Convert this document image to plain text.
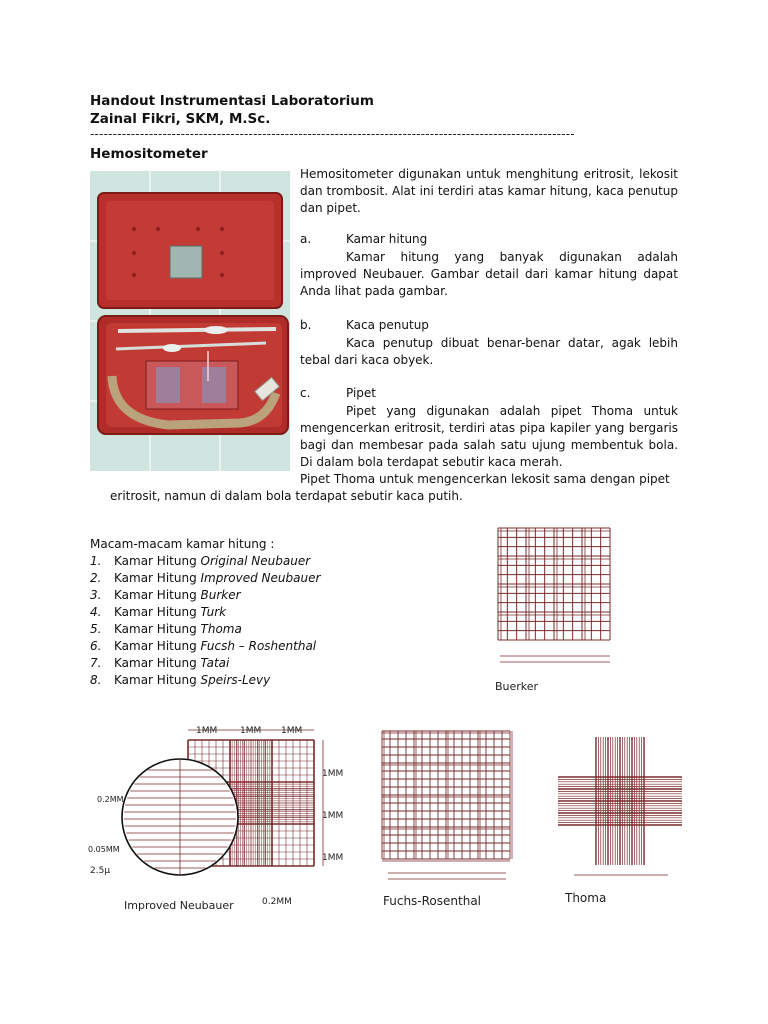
Handout Instrumentasi Laboratorium
Zainal Fikri, SKM, M.Sc.
-----------------------------------------------------------------------------------------------------------
Hemositometer
Hemositometer digunakan untuk menghitung eritrosit, lekosit dan trombosit. Alat ini terdiri atas kamar hitung, kaca penutup dan pipet.
a.	Kamar hitung
Kamar hitung yang banyak digunakan adalah improved Neubauer. Gambar detail dari kamar hitung dapat Anda lihat pada gambar.
b.	Kaca penutup
Kaca penutup dibuat benar-benar datar, agak lebih tebal dari kaca obyek.
c.	Pipet
Pipet yang digunakan adalah pipet Thoma untuk mengencerkan eritrosit, terdiri atas pipa kapiler yang bergaris bagi dan membesar pada salah satu ujung membentuk bola. Di dalam bola terdapat sebutir kaca merah.
Pipet Thoma untuk mengencerkan lekosit sama dengan pipet eritrosit, namun di dalam bola terdapat sebutir kaca putih.
Macam-macam kamar hitung :
1. Kamar Hitung Original Neubauer
2. Kamar Hitung Improved Neubauer
3. Kamar Hitung Burker
4. Kamar Hitung Turk
5. Kamar Hitung Thoma
6. Kamar Hitung Fucsh – Roshenthal
7. Kamar Hitung Tatai
8. Kamar Hitung Speirs-Levy	Buerker
1MM	1MM 1MM
1MM
1MM
1MM
0.2MM
0.05MM
2.5μ
0.2MM
Improved Neubauer	Fuchs-Rosenthal	Thoma
